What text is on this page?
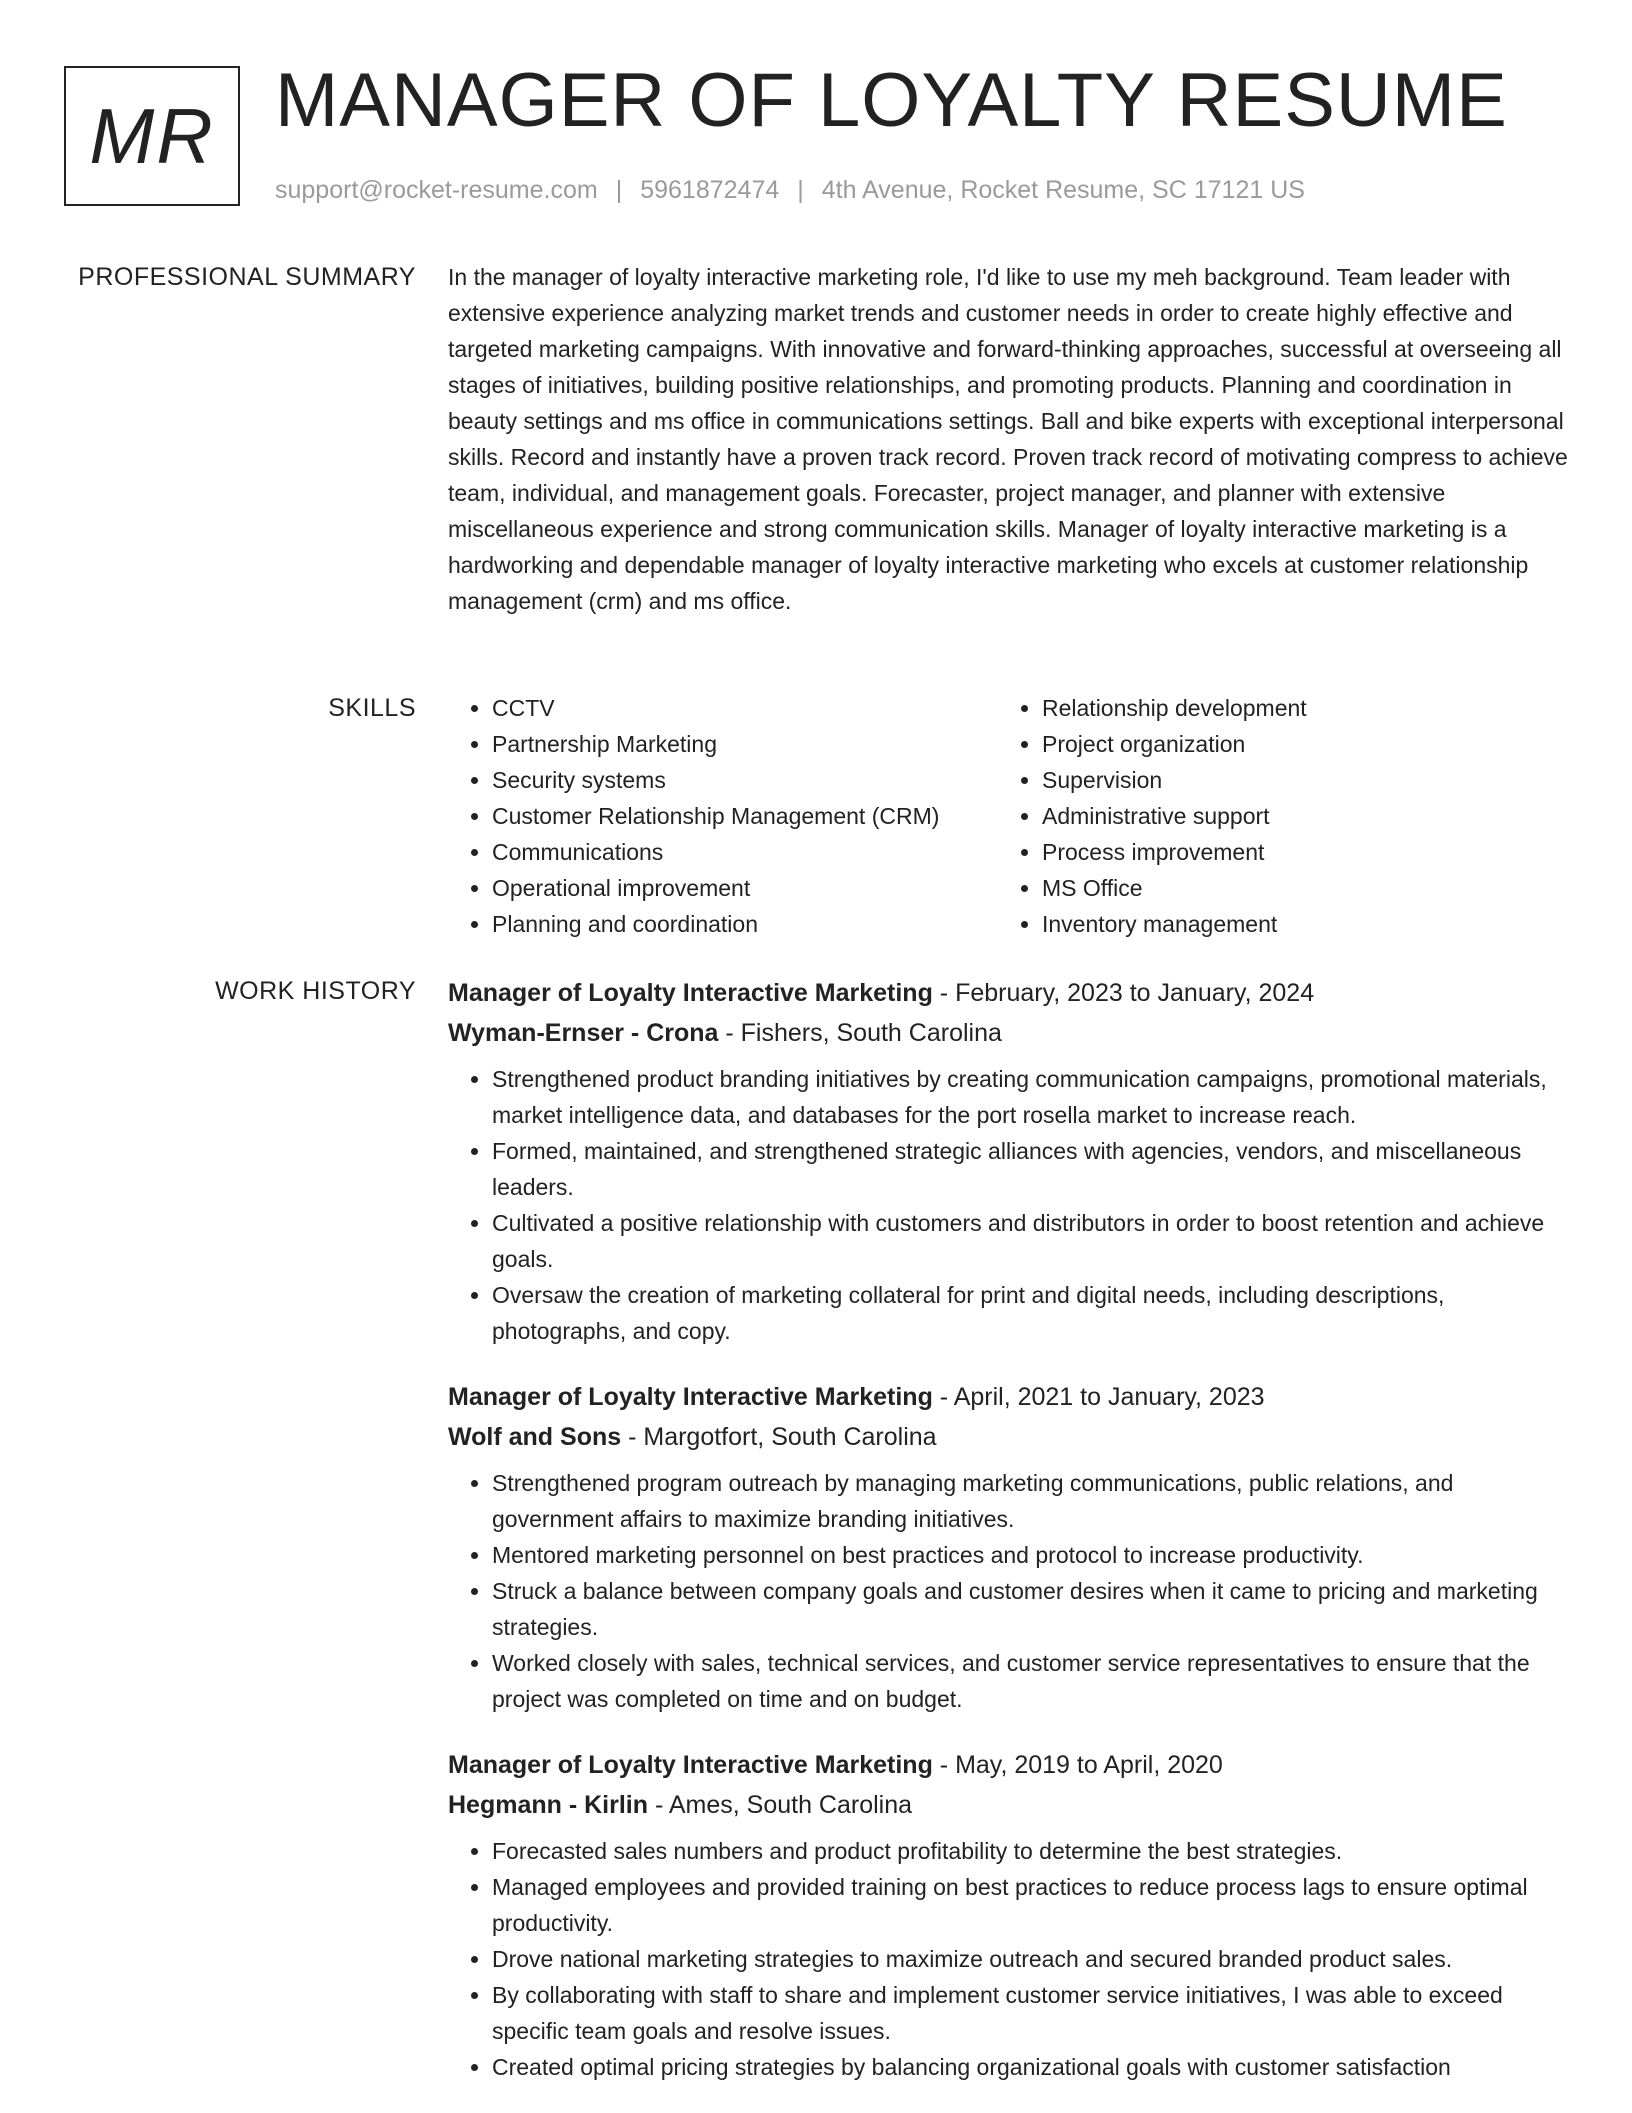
MR MANAGER OF LOYALTY RESUME
support@rocket-resume.com | 5961872474 | 4th Avenue, Rocket Resume, SC 17121 US
PROFESSIONAL SUMMARY In the manager of loyalty interactive marketing role, I'd like to use my meh background. Team leader with extensive experience analyzing market trends and customer needs in order to create highly effective and targeted marketing campaigns. With innovative and forward-thinking approaches, successful at overseeing all stages of initiatives, building positive relationships, and promoting products. Planning and coordination in beauty settings and ms office in communications settings. Ball and bike experts with exceptional interpersonal skills. Record and instantly have a proven track record. Proven track record of motivating compress to achieve team, individual, and management goals. Forecaster, project manager, and planner with extensive miscellaneous experience and strong communication skills. Manager of loyalty interactive marketing is a hardworking and dependable manager of loyalty interactive marketing who excels at customer relationship management (crm) and ms office.

SKILLS
•	CCTV
• Partnership Marketing
• Security systems
• Customer Relationship Management (CRM)
• Communications
• Operational improvement
• Planning and coordination
• Relationship development
• Project organization
• Supervision
• Administrative support
• Process improvement
• MS Office
• Inventory management
WORK HISTORY Manager of Loyalty Interactive Marketing - February, 2023 to January, 2024
Wyman-Ernser - Crona - Fishers, South Carolina
• Strengthened product branding initiatives by creating communication campaigns, promotional materials, market intelligence data, and databases for the port rosella market to increase reach.
• Formed, maintained, and strengthened strategic alliances with agencies, vendors, and miscellaneous leaders.
• Cultivated a positive relationship with customers and distributors in order to boost retention and achieve goals.
• Oversaw the creation of marketing collateral for print and digital needs, including descriptions, photographs, and copy.
Manager of Loyalty Interactive Marketing - April, 2021 to January, 2023
Wolf and Sons - Margotfort, South Carolina
• Strengthened program outreach by managing marketing communications, public relations, and government affairs to maximize branding initiatives.
• Mentored marketing personnel on best practices and protocol to increase productivity.
• Struck a balance between company goals and customer desires when it came to pricing and marketing strategies.
• Worked closely with sales, technical services, and customer service representatives to ensure that the project was completed on time and on budget.
Manager of Loyalty Interactive Marketing - May, 2019 to April, 2020
Hegmann - Kirlin - Ames, South Carolina
• Forecasted sales numbers and product profitability to determine the best strategies.
• Managed employees and provided training on best practices to reduce process lags to ensure optimal productivity.
• Drove national marketing strategies to maximize outreach and secured branded product sales.
• By collaborating with staff to share and implement customer service initiatives, I was able to exceed specific team goals and resolve issues.
• Created optimal pricing strategies by balancing organizational goals with customer satisfaction
